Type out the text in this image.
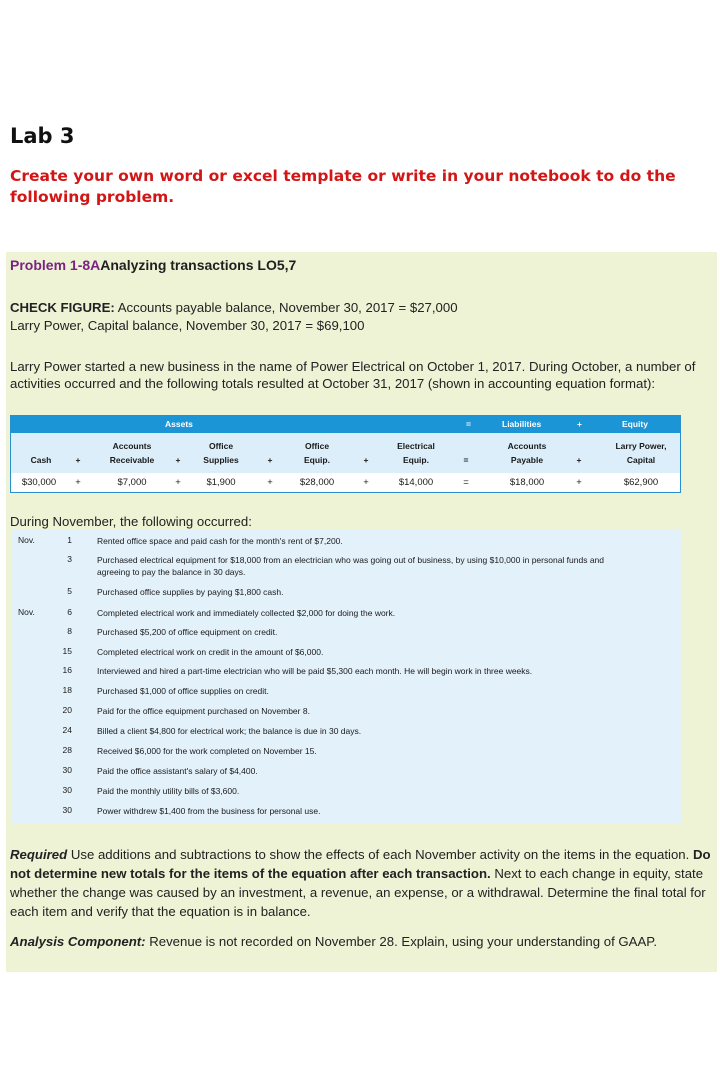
Lab 3
Create your own word or excel template or write in your notebook to do the following problem.
Problem 1-8AAnalyzing transactions LO5,7
CHECK FIGURE: Accounts payable balance, November 30, 2017 = $27,000
Larry Power, Capital balance, November 30, 2017 = $69,100
Larry Power started a new business in the name of Power Electrical on October 1, 2017. During October, a number of activities occurred and the following totals resulted at October 31, 2017 (shown in accounting equation format):
Assets	=	Liabilities	+	Equity
Accounts	Office	Office	Electrical	Accounts	Larry Power,
Cash	+	Receivable	+	Supplies	+	Equip.	+	Equip.	=	Payable	+	Capital
$30,000	+	$7,000	+	$1,900	+	$28,000	+	$14,000	=	$18,000	+	$62,900
During November, the following occurred:
Nov.	1	Rented office space and paid cash for the month's rent of $7,200.
3	Purchased electrical equipment for $18,000 from an electrician who was going out of business, by using $10,000 in personal funds and agreeing to pay the balance in 30 days.
5	Purchased office supplies by paying $1,800 cash.
Nov.	6	Completed electrical work and immediately collected $2,000 for doing the work.
8	Purchased $5,200 of office equipment on credit.
15	Completed electrical work on credit in the amount of $6,000.
16	Interviewed and hired a part-time electrician who will be paid $5,300 each month. He will begin work in three weeks.
18	Purchased $1,000 of office supplies on credit.
20	Paid for the office equipment purchased on November 8.
24	Billed a client $4,800 for electrical work; the balance is due in 30 days.
28	Received $6,000 for the work completed on November 15.
30	Paid the office assistant's salary of $4,400.
30	Paid the monthly utility bills of $3,600.
30	Power withdrew $1,400 from the business for personal use.
Required Use additions and subtractions to show the effects of each November activity on the items in the equation. Do not determine new totals for the items of the equation after each transaction. Next to each change in equity, state whether the change was caused by an investment, a revenue, an expense, or a withdrawal. Determine the final total for each item and verify that the equation is in balance.
Analysis Component: Revenue is not recorded on November 28. Explain, using your understanding of GAAP.
